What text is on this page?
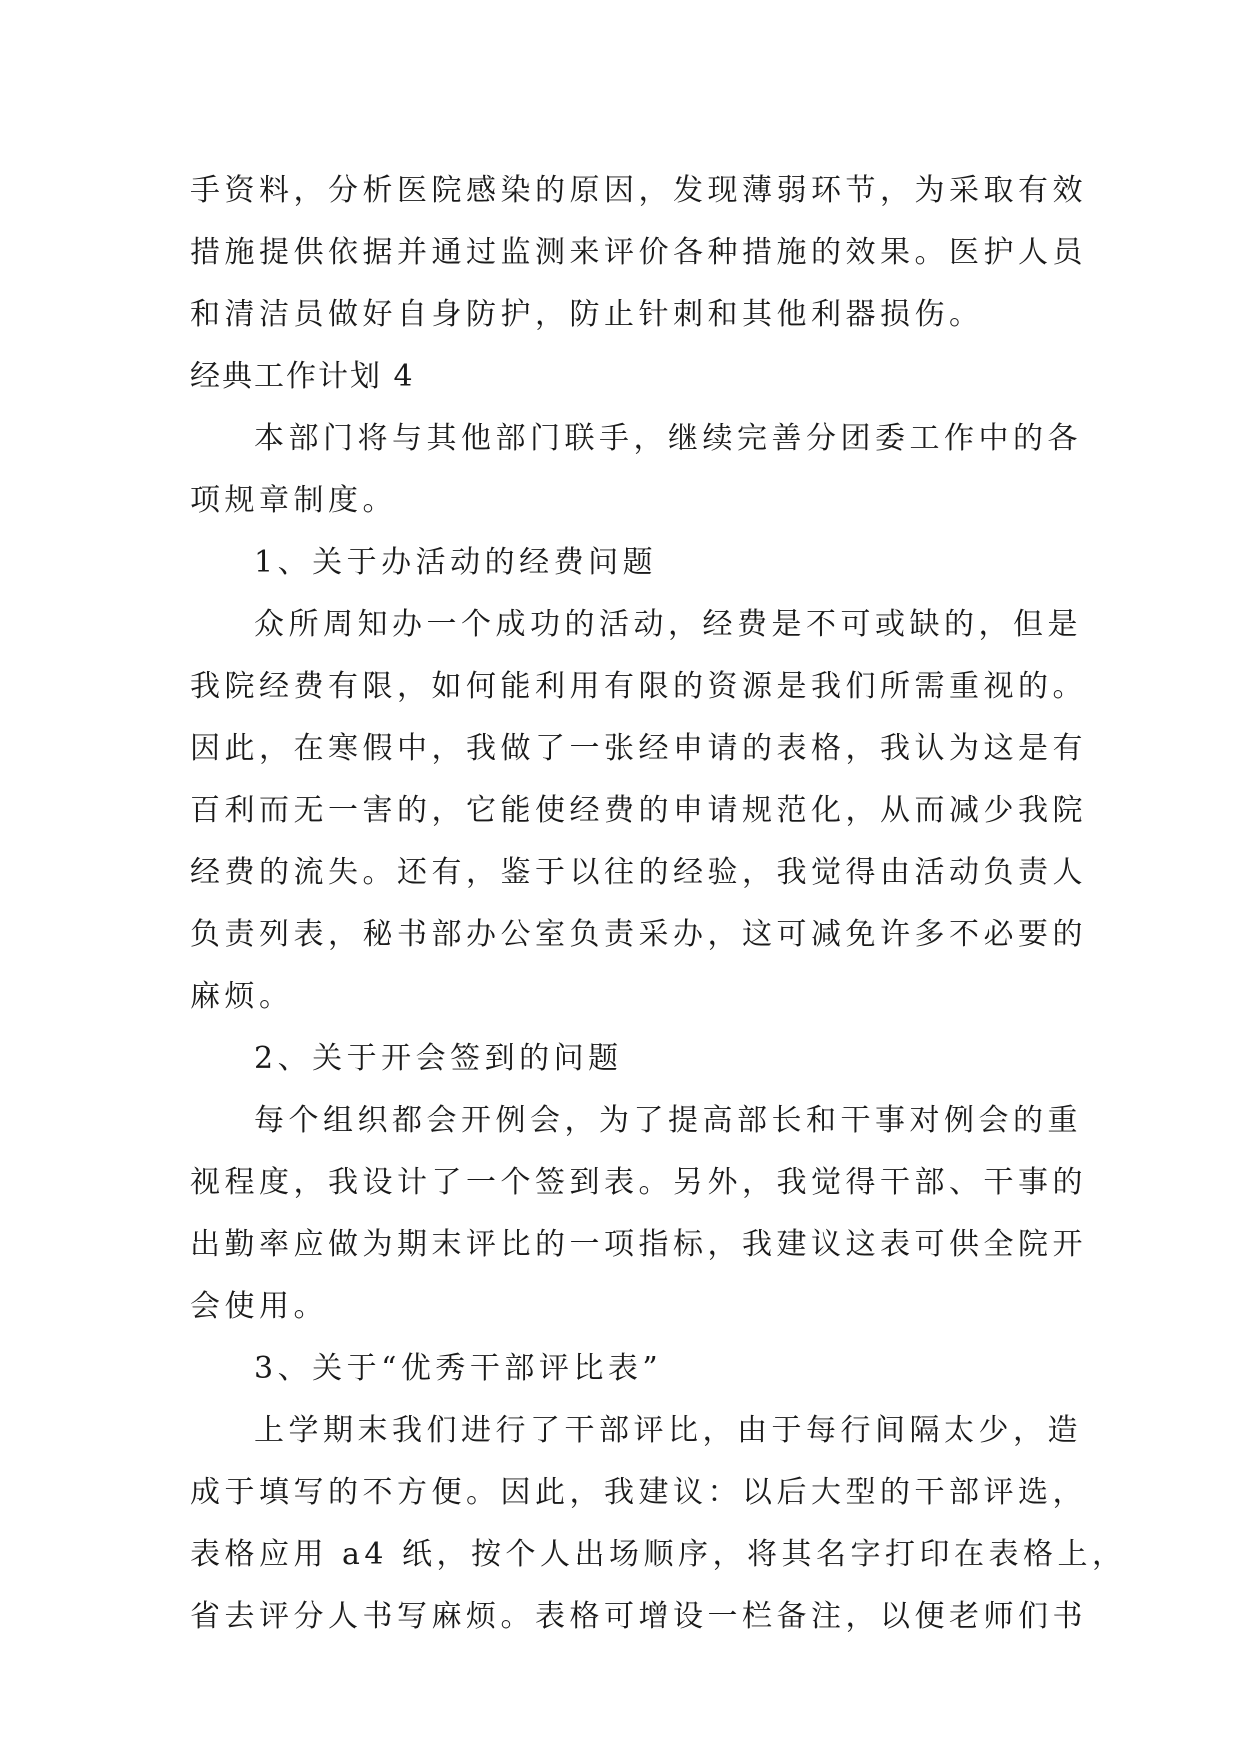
手资料，分析医院感染的原因，发现薄弱环节，为采取有效
措施提供依据并通过监测来评价各种措施的效果。医护人员
和清洁员做好自身防护，防止针刺和其他利器损伤。
经典工作计划 4
本部门将与其他部门联手，继续完善分团委工作中的各
项规章制度。
1、关于办活动的经费问题
众所周知办一个成功的活动，经费是不可或缺的，但是
我院经费有限，如何能利用有限的资源是我们所需重视的。
因此，在寒假中，我做了一张经申请的表格，我认为这是有
百利而无一害的，它能使经费的申请规范化，从而减少我院
经费的流失。还有，鉴于以往的经验，我觉得由活动负责人
负责列表，秘书部办公室负责采办，这可减免许多不必要的
麻烦。
2、关于开会签到的问题
每个组织都会开例会，为了提高部长和干事对例会的重
视程度，我设计了一个签到表。另外，我觉得干部、干事的
出勤率应做为期末评比的一项指标，我建议这表可供全院开
会使用。
3、关于“优秀干部评比表”
上学期末我们进行了干部评比，由于每行间隔太少，造
成于填写的不方便。因此，我建议：以后大型的干部评选，
表格应用 a4 纸，按个人出场顺序，将其名字打印在表格上，
省去评分人书写麻烦。表格可增设一栏备注，以便老师们书
